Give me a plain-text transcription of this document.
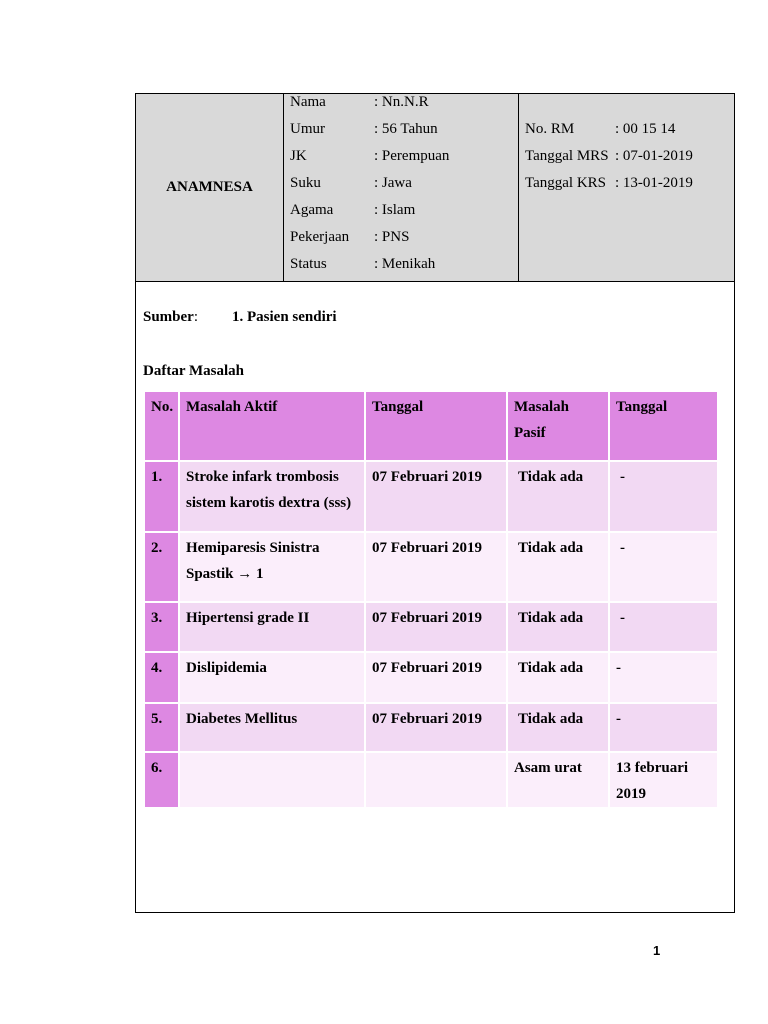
ANAMNESA
Nama	: Nn.N.R
Umur	: 56 Tahun
JK	: Perempuan
Suku	: Jawa
Agama	: Islam
Pekerjaan	: PNS
Status	: Menikah
No. RM	: 00 15 14
Tanggal MRS : 07-01-2019
Tanggal KRS : 13-01-2019
Sumber: 1. Pasien sendiri
Daftar Masalah
No.	Masalah Aktif	Tanggal	Masalah Pasif	Tanggal
1.	Stroke infark trombosis sistem karotis dextra (sss)	07 Februari 2019	Tidak ada	-
2.	Hemiparesis Sinistra Spastik → 1	07 Februari 2019	Tidak ada	-
3.	Hipertensi grade II	07 Februari 2019	Tidak ada	-
4.	Dislipidemia	07 Februari 2019	Tidak ada	-
5.	Diabetes Mellitus	07 Februari 2019	Tidak ada	-
6.			Asam urat	13 februari 2019
1
